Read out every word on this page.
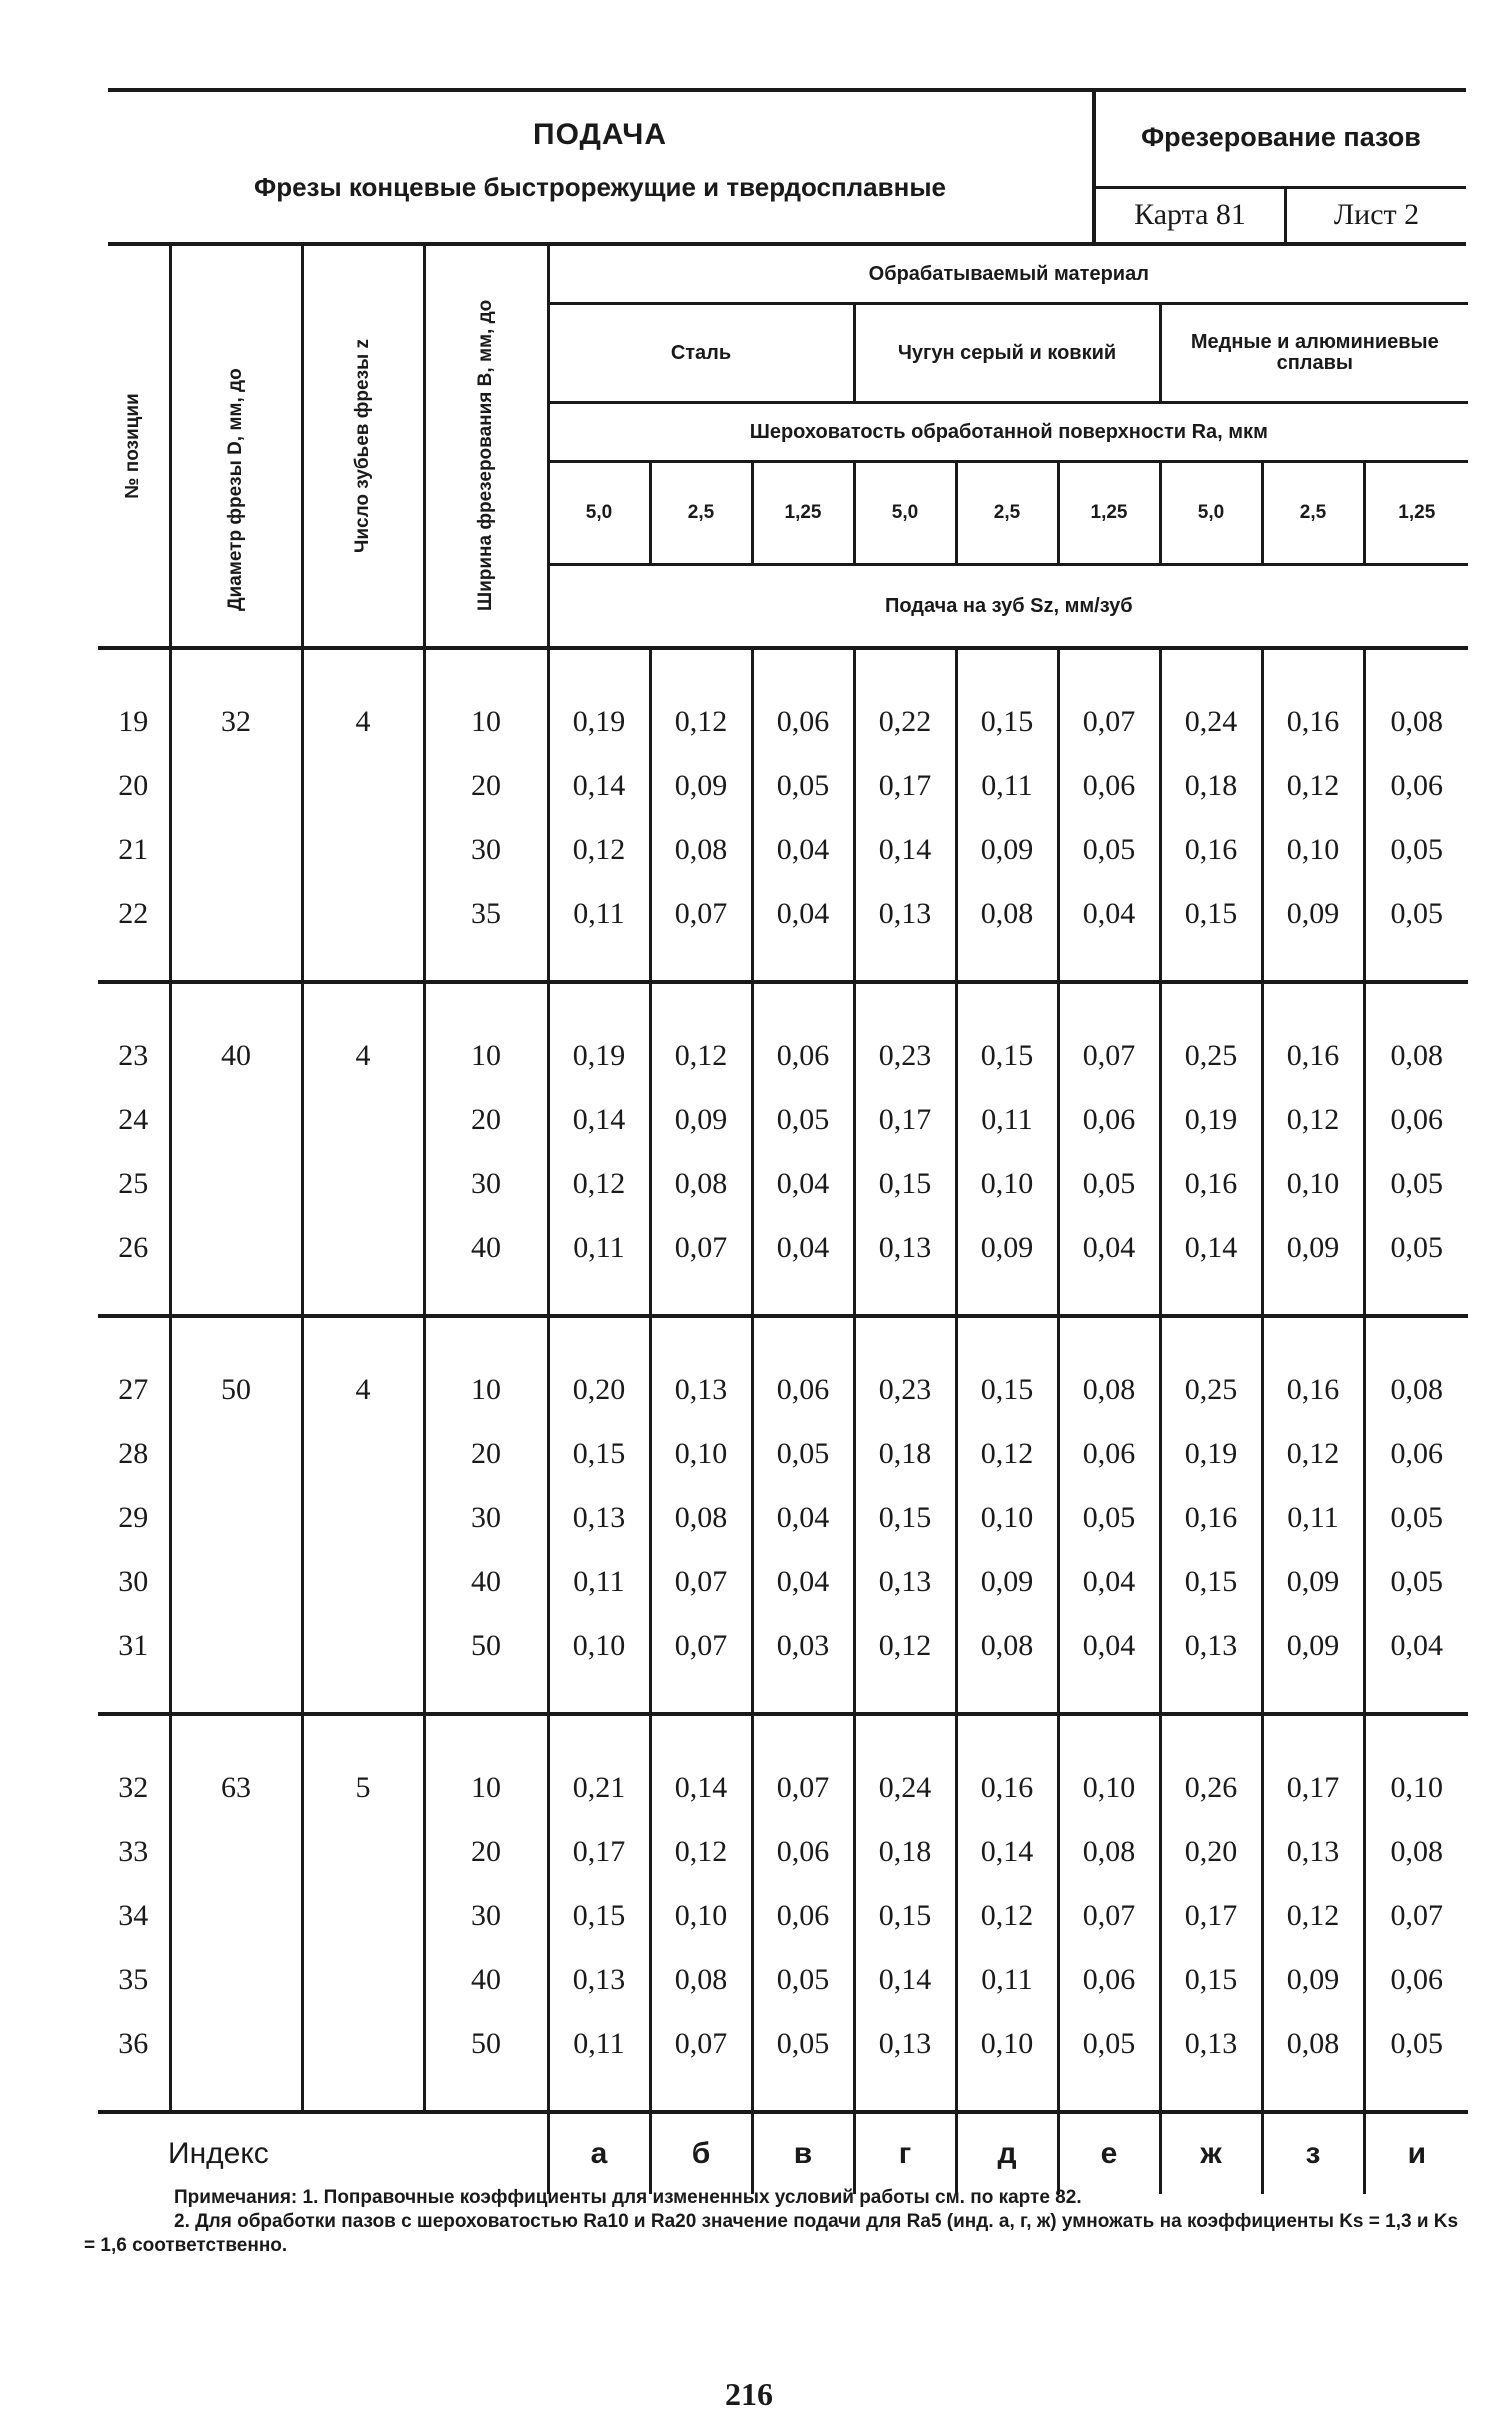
ПОДАЧА
Фрезы концевые быстрорежущие и твердосплавные
Фрезерование пазов
Карта 81	Лист 2
№ позиции	Диаметр фрезы D, мм, до	Число зубьев фрезы z	Ширина фрезерования B, мм, до	Обрабатываемый материал								
				Сталь			Чугун серый и ковкий			Медные и алюминиевые сплавы		
				Шероховатость обработанной поверхности Ra, мкм								
				5,0	2,5	1,25	5,0	2,5	1,25	5,0	2,5	1,25
				Подача на зуб Sz, мм/зуб								

19	32	4	10	0,19	0,12	0,06	0,22	0,15	0,07	0,24	0,16	0,08
20			20	0,14	0,09	0,05	0,17	0,11	0,06	0,18	0,12	0,06
21			30	0,12	0,08	0,04	0,14	0,09	0,05	0,16	0,10	0,05
22			35	0,11	0,07	0,04	0,13	0,08	0,04	0,15	0,09	0,05

23	40	4	10	0,19	0,12	0,06	0,23	0,15	0,07	0,25	0,16	0,08
24			20	0,14	0,09	0,05	0,17	0,11	0,06	0,19	0,12	0,06
25			30	0,12	0,08	0,04	0,15	0,10	0,05	0,16	0,10	0,05
26			40	0,11	0,07	0,04	0,13	0,09	0,04	0,14	0,09	0,05

27	50	4	10	0,20	0,13	0,06	0,23	0,15	0,08	0,25	0,16	0,08
28			20	0,15	0,10	0,05	0,18	0,12	0,06	0,19	0,12	0,06
29			30	0,13	0,08	0,04	0,15	0,10	0,05	0,16	0,11	0,05
30			40	0,11	0,07	0,04	0,13	0,09	0,04	0,15	0,09	0,05
31			50	0,10	0,07	0,03	0,12	0,08	0,04	0,13	0,09	0,04

32	63	5	10	0,21	0,14	0,07	0,24	0,16	0,10	0,26	0,17	0,10
33			20	0,17	0,12	0,06	0,18	0,14	0,08	0,20	0,13	0,08
34			30	0,15	0,10	0,06	0,15	0,12	0,07	0,17	0,12	0,07
35			40	0,13	0,08	0,05	0,14	0,11	0,06	0,15	0,09	0,06
36			50	0,11	0,07	0,05	0,13	0,10	0,05	0,13	0,08	0,05

Индекс				а	б	в	г	д	е	ж	з	и

Примечания: 1. Поправочные коэффициенты для измененных условий работы см. по карте 82.

2. Для обработки пазов с шероховатостью Ra10 и Ra20 значение подачи для Ra5 (инд. а, г, ж) умножать на коэффициенты Ks = 1,3 и Ks = 1,6 соответственно.

216
